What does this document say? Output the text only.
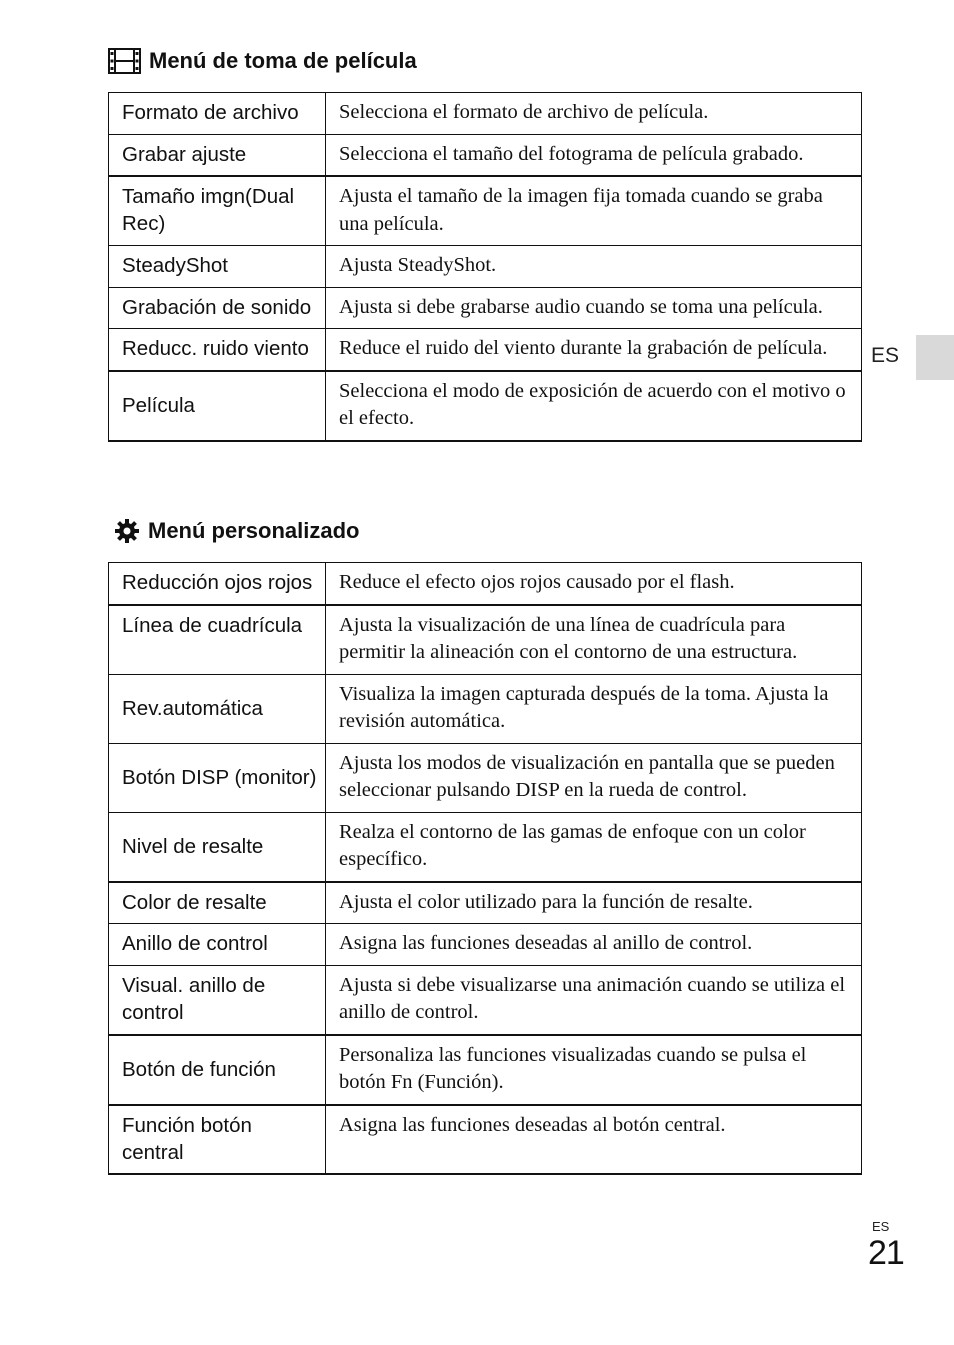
Menú de toma de película
Formato de archivo	Selecciona el formato de archivo de película.
Grabar ajuste	Selecciona el tamaño del fotograma de película grabado.
Tamaño imgn(Dual Rec)	Ajusta el tamaño de la imagen fija tomada cuando se graba una película.
SteadyShot	Ajusta SteadyShot.
Grabación de sonido	Ajusta si debe grabarse audio cuando se toma una película.
Reducc. ruido viento	Reduce el ruido del viento durante la grabación de película.
Película	Selecciona el modo de exposición de acuerdo con el motivo o el efecto.
Menú personalizado
Reducción ojos rojos	Reduce el efecto ojos rojos causado por el flash.
Línea de cuadrícula	Ajusta la visualización de una línea de cuadrícula para permitir la alineación con el contorno de una estructura.
Rev.automática	Visualiza la imagen capturada después de la toma. Ajusta la revisión automática.
Botón DISP (monitor)	Ajusta los modos de visualización en pantalla que se pueden seleccionar pulsando DISP en la rueda de control.
Nivel de resalte	Realza el contorno de las gamas de enfoque con un color específico.
Color de resalte	Ajusta el color utilizado para la función de resalte.
Anillo de control	Asigna las funciones deseadas al anillo de control.
Visual. anillo de control	Ajusta si debe visualizarse una animación cuando se utiliza el anillo de control.
Botón de función	Personaliza las funciones visualizadas cuando se pulsa el botón Fn (Función).
Función botón central	Asigna las funciones deseadas al botón central.
ES
ES
21
